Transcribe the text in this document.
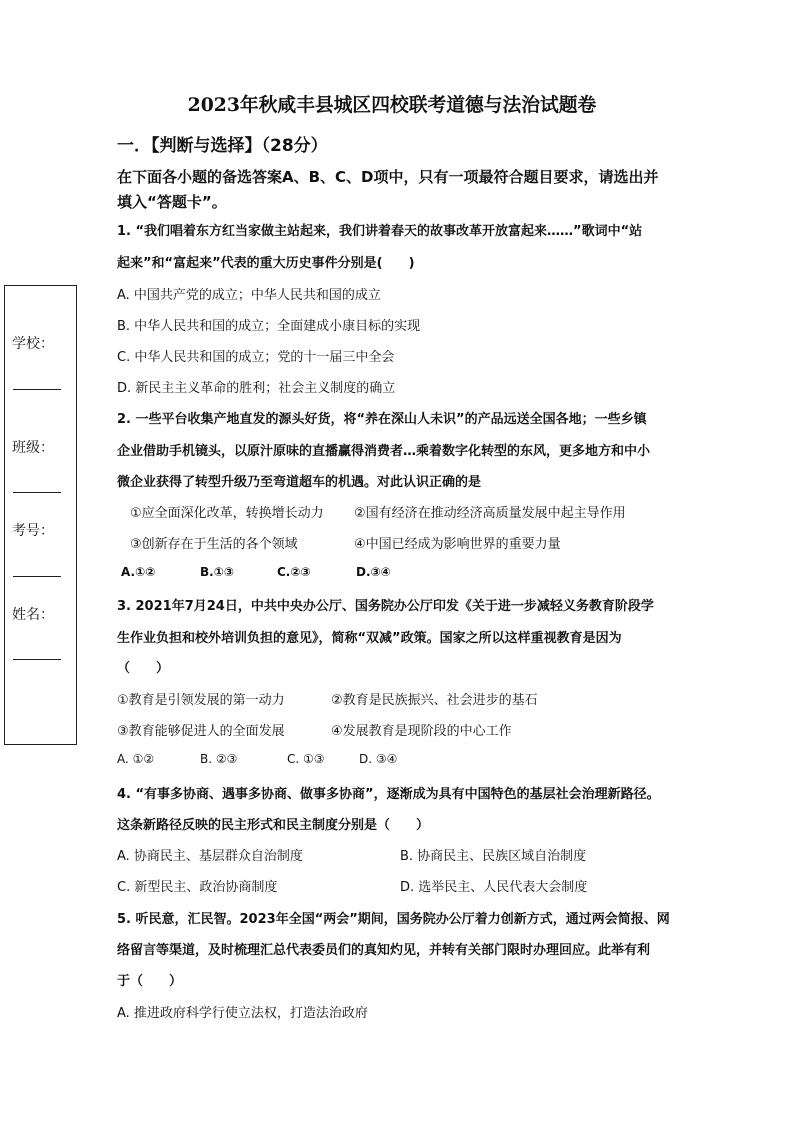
2023年秋咸丰县城区四校联考道德与法治试题卷
一．【判断与选择】（28分）
在下面各小题的备选答案A、B、C、D项中，只有一项最符合题目要求，请选出并
填入“答题卡”。
学校：
班级：
考号：
姓名：
1. “我们唱着东方红当家做主站起来，我们讲着春天的故事改革开放富起来……”歌词中“站
起来”和“富起来”代表的重大历史事件分别是(　　)
A. 中国共产党的成立；中华人民共和国的成立
B. 中华人民共和国的成立；全面建成小康目标的实现
C. 中华人民共和国的成立；党的十一届三中全会
D. 新民主主义革命的胜利；社会主义制度的确立
2. 一些平台收集产地直发的源头好货，将“养在深山人未识”的产品远送全国各地；一些乡镇
企业借助手机镜头，以原汁原味的直播赢得消费者…乘着数字化转型的东风，更多地方和中小
微企业获得了转型升级乃至弯道超车的机遇。对此认识正确的是
①应全面深化改革，转换增长动力 ②国有经济在推动经济高质量发展中起主导作用
③创新存在于生活的各个领域	④中国已经成为影响世界的重要力量
A.①②	B.①③	C.②③	D.③④
3. 2021年7月24日，中共中央办公厅、国务院办公厅印发《关于进一步减轻义务教育阶段学
生作业负担和校外培训负担的意见》，简称“双减”政策。国家之所以这样重视教育是因为
（　　）
①教育是引领发展的第一动力	②教育是民族振兴、社会进步的基石
③教育能够促进人的全面发展	④发展教育是现阶段的中心工作
A. ①②	B. ②③	C. ①③	D. ③④
4. “有事多协商、遇事多协商、做事多协商”，逐渐成为具有中国特色的基层社会治理新路径。
这条新路径反映的民主形式和民主制度分别是（　　）
A. 协商民主、基层群众自治制度	B. 协商民主、民族区域自治制度
C. 新型民主、政治协商制度	D. 选举民主、人民代表大会制度
5. 听民意，汇民智。2023年全国“两会”期间，国务院办公厅着力创新方式，通过两会简报、网
络留言等渠道，及时梳理汇总代表委员们的真知灼见，并转有关部门限时办理回应。此举有利
于（　　）
A. 推进政府科学行使立法权，打造法治政府
